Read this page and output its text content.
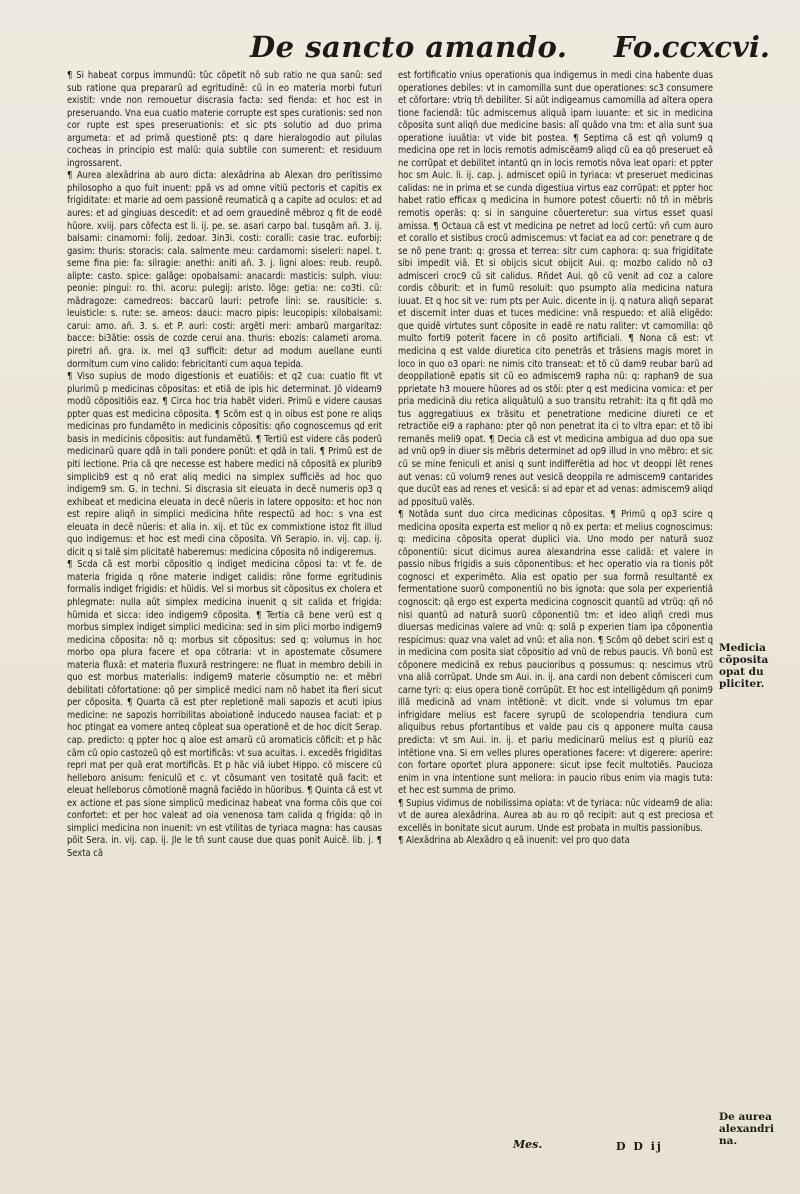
De sancto amando. Fo.ccxcvi.

¶ Si habeat corpus immundũ: tũc cõpetit nõ sub ratio ne qua sanũ: sed sub ratione qua prepararũ ad egritudinẽ: cũ in eo materia morbi futuri existit: vnde non remouetur discrasia facta: sed fienda: et hoc est in preseruando. Vna eua cuatio materie corrupte est spes curationis: sed non cor rupte est spes preseruationis: et sic pts solutio ad duo prima argumeta: et ad primã questionẽ pts: q dare hieralogodio aut pilulas cocheas in principio est malũ: quia subtile con sumerent: et residuum ingrossarent.

¶ Aurea alexãdrina ab auro dicta: alexãdrina ab Alexan dro peritissimo philosopho a quo fuit inuent: ppã vs ad omne vitiũ pectoris et capitis ex frigiditate: et marie ad oem passionẽ reumaticã q a capite ad oculos: et ad aures: et ad gingiuas descedit: et ad oem grauedinẽ mẽbroz q fit de eodẽ hũore. xviij. pars cõfecta est li. ij. pe. se. asari carpo bal. tusqãm añ. 3. ij. balsami: cinamomi: folij. zedoar. 3in3i. costi: coralli: casie trac. euforbij: gasim: thuris: storacis: cala. salmente meu: cardamomi: siseleri: napel. t. seme fina pie: fa: silragie: anethi: aniti añ. 3. j. ligni aloes: reub. reupõ. alipte: casto. spice: galãge: opobalsami: anacardi: masticis: sulph. viuu: peonie: pingui: ro. thi. acoru: pulegij: aristo. lõge: getia: ne: co3ti. cũ: mãdragoze: camedreos: baccarũ lauri: petrofe lini: se. rausiticle: s. leuisticle: s. rute: se. ameos: dauci: macro pipis: leucopipis: xilobalsami: carui: amo. añ. 3. s. et P. auri: costi: argẽti meri: ambarũ margaritaz: bacce: bi3ãtie: ossis de cozde cerui ana. thuris: ebozis: calameti aroma. piretri añ. gra. ix. mel q3 sufficit: detur ad modum auellane eunti dormitum cum vino calido: febricitanti cum aqua tepida.

¶ Viso supius de modo digestionis et euatiõis: et q2 cua: cuatio fit vt plurimũ p medicinas cõpositas: et etiã de ipis hic determinat. Jõ videam9 modũ cõpositiõis eaz. ¶ Circa hoc tria habẽt videri. Primũ e videre causas ppter quas est medicina cõposita. ¶ Scõm est q in oibus est pone re aliqs medicinas pro fundamẽto in medicinis cõpositis: qño cognoscemus qd erit basis in medicinis cõpositis: aut fundamẽtũ. ¶ Tertiũ est videre cãs poderũ medicinarũ quare qdã in tali pondere ponũt: et qdã in tali. ¶ Primũ est de piti lectione. Pria cã qre necesse est habere medici nã cõpositã ex plurib9 simplicib9 est q nõ erat aliq medici na simplex sufficiẽs ad hoc quo indigem9 sm. G. in techni. Si discrasia sit eleuata in decẽ numeris op3 q exhibeat et medicina eleuata in decẽ nũeris in latere opposito: et hoc non est repire aliqñ in simplici medicina hñte respectũ ad hoc: s vna est eleuata in decẽ nũeris: et alia in. xij. et tũc ex commixtione istoz fit illud quo indigemus: et hoc est medi cina cõposita. Vñ Serapio. in. vij. cap. ij. dicit q si talẽ sim plicitatẽ haberemus: medicina cõposita nõ indigeremus.

¶ Scda cã est morbi cõpositio q indiget medicina cõposi ta: vt fe. de materia frigida q rõne materie indiget calidis: rõne forme egritudinis formalis indiget frigidis: et hũidis. Vel si morbus sit cõpositus ex cholera et phlegmate: nulla aũt simplex medicina inuenit q sit calida et frigida: hũmida et sicca: ideo indigem9 cõposita. ¶ Tertia cã bene verũ est q morbus simplex indiget simplici medicina: sed in sim plici morbo indigem9 medicina cõposita: nõ q: morbus sit cõpositus: sed q: volumus in hoc morbo opa plura facere et opa cõtraria: vt in apostemate cõsumere materia fluxã: et materia fluxurã restringere: ne fluat in membro debili in quo est morbus materialis: indigem9 materie cõsumptio ne: et mẽbri debilitati cõfortatione: qõ per simplicẽ medici nam nõ habet ita fieri sicut per cõposita. ¶ Quarta cã est pter repletionẽ mali sapozis et acuti ipius medicine: ne sapozis horribilitas aboiationẽ inducedo nausea faciat: et p hoc ptingat ea vomere anteq cõpleat sua operationẽ et de hoc dicit Serap. cap. predicto: q ppter hoc q aloe est amarũ cũ aromaticis cõficit: et p hãc cãm cũ opio castozeũ qõ est mortificãs: vt sua acuitas. i. excedẽs frigiditas repri mat per quã erat mortificãs. Et p hãc viã iubet Hippo. cõ miscere cũ helleboro anisum: feniculũ et c. vt cõsumant ven tositatẽ quã facit: et eleuat helleborus cõmotionẽ magnã faciẽdo in hũoribus. ¶ Quinta cã est vt ex actione et pas sione simplicũ medicinaz habeat vna forma cõis que coi confortet: et per hoc valeat ad oia venenosa tam calida q frigida: qõ in simplici medicina non inuenit: vn est vtilitas de tyriaca magna: has causas põit Sera. in. vij. cap. ij. Jle le tñ sunt cause due quas ponit Auicẽ. lib. j. ¶ Sexta cã

est fortificatio vnius operationis qua indigemus in medi cina habente duas operationes debiles: vt in camomilla sunt due operationes: sc3 consumere et cõfortare: vtriq tñ debiliter. Si aũt indigeamus camomilla ad altera opera tione faciendã: tũc admiscemus aliquã ipam iuuante: et sic in medicina cõposita sunt aliqñ due medicine basis: alĩ quãdo vna tm: et alia sunt sua operatione iuuãtia: vt vide bit postea. ¶ Septima cã est qñ volum9 q medicina ope ret in locis remotis admiscẽam9 aliqd cũ ea qõ preseruet eã ne corrũpat et debilitet intantũ qn in locis remotis nõva leat opari: et ppter hoc sm Auic. li. ij. cap. j. admiscet opiũ in tyriaca: vt preseruet medicinas calidas: ne in prima et se cunda digestiua virtus eaz corrũpat: et ppter hoc habet ratio efficax q medicina in humore potest cõuerti: nõ tñ in mẽbris remotis operãs: q: si in sanguine cõuerteretur: sua virtus esset quasi amissa. ¶ Octaua cã est vt medicina pe netret ad locũ certũ: vñ cum auro et corallo et sistibus crocũ admiscemus: vt faciat ea ad cor: penetrare q de se nõ pene trant: q: grossa et terrea: sitr cum caphora: q: sua frigiditate sibi impedit viã. Et si obijcis sicut obijcit Aui. q: mozbo calido nõ o3 admisceri croc9 cũ sit calidus. Rñdet Aui. qõ cũ venit ad coz a calore cordis cõburit: et in fumũ resoluit: quo psumpto alia medicina natura iuuat. Et q hoc sit ve: rum pts per Auic. dicente in ij. q natura aliqñ separat et discernit inter duas et tuces medicine: vnã respuedo: et aliã eligẽdo: que quidẽ virtutes sunt cõposite in eadẽ re natu raliter: vt camomilla: qõ multo forti9 poterit facere in cõ posito artificiali. ¶ Nona cã est: vt medicina q est valde diuretica cito penetrãs et trãsiens magis moret in loco in quo o3 opari: ne nimis cito transeat: et tõ cũ dam9 reubar barũ ad deoppilationẽ epatis sit cũ eo admiscem9 rapha nũ: q: raphan9 de sua pprietate h3 mouere hũores ad os stõi: pter q est medicina vomica: et per pria medicinã diu retica aliquãtulũ a suo transitu retrahit: ita q fit qdã mo tus aggregatiuus ex trãsitu et penetratione medicine diureti ce et retractiõe ei9 a raphano: pter qõ non penetrat ita ci to vltra epar: et tõ ibi remanẽs meli9 opat. ¶ Decia cã est vt medicina ambigua ad duo opa sue ad vnũ op9 in diuer sis mẽbris determinet ad op9 illud in vno mẽbro: et sic cũ se mine feniculi et anisi q sunt indifferẽtia ad hoc vt deoppi lẽt renes aut venas: cũ volum9 renes aut vesicã deoppila re admiscem9 cantarides que ducũt eas ad renes et vesicã: si ad epar et ad venas: admiscem9 aliqd ad pposituũ valẽs.

¶ Notãda sunt duo circa medicinas cõpositas. ¶ Primũ q op3 scire q medicina oposita experta est melior q nõ ex perta: et melius cognoscimus: q: medicina cõposita operat duplici via. Uno modo per naturã suoz cõponentiũ: sicut dicimus aurea alexandrina esse calidã: et valere in passio nibus frigidis a suis cõponentibus: et hec operatio via ra tionis põt cognosci et experimẽto. Alia est opatio per sua formã resultantẽ ex fermentatione suorũ componentiũ no bis ignota: que sola per experientiã cognoscit: qã ergo est experta medicina cognoscit quantũ ad vtrũq: qñ nõ nisi quantũ ad naturã suorũ cõponentiũ tm: et ideo aliqñ credi mus diuersas medicinas valere ad vnũ: q: solã p experien tiam ipa cõponentia respicimus: quaz vna valet ad vnũ: et alia non. ¶ Scõm qõ debet sciri est q in medicina com posita siat cõpositio ad vnũ de rebus paucis. Vñ bonũ est cõponere medicinã ex rebus paucioribus q possumus: q: nescimus vtrũ vna aliã corrũpat. Unde sm Aui. in. ij. ana cardi non debent cõmisceri cum carne tyri: q: eius opera tionẽ corrũpũt. Et hoc est intelligẽdum qñ ponim9 illã medicinã ad vnam intẽtionẽ: vt dicit. vnde si volumus tm epar infrigidare melius est facere syrupũ de scolopendria tendiura cum aliquibus rebus pfortantibus et valde pau cis q apponere multa causa predicta: vt sm Aui. in. ij. et pariu medicinarũ melius est q pluriũ eaz intẽtione vna. Si em velles plures operationes facere: vt digerere: aperire: con fortare oportet plura apponere: sicut ipse fecit multotiẽs. Paucioza enim in vna intentione sunt meliora: in paucio ribus enim via magis tuta: et hec est summa de primo.

¶ Supius vidimus de nobilissima opiata: vt de tyriaca: nũc videam9 de alia: vt de aurea alexãdrina. Aurea ab au ro qõ recipit: aut q est preciosa et excellẽs in bonitate sicut aurum. Unde est probata in multis passionibus.

¶ Alexãdrina ab Alexãdro q eã inuenit: vel pro quo data

Medicia cõposita opat du pliciter.
De aurea alexandri na.
Mes.	D D ij
